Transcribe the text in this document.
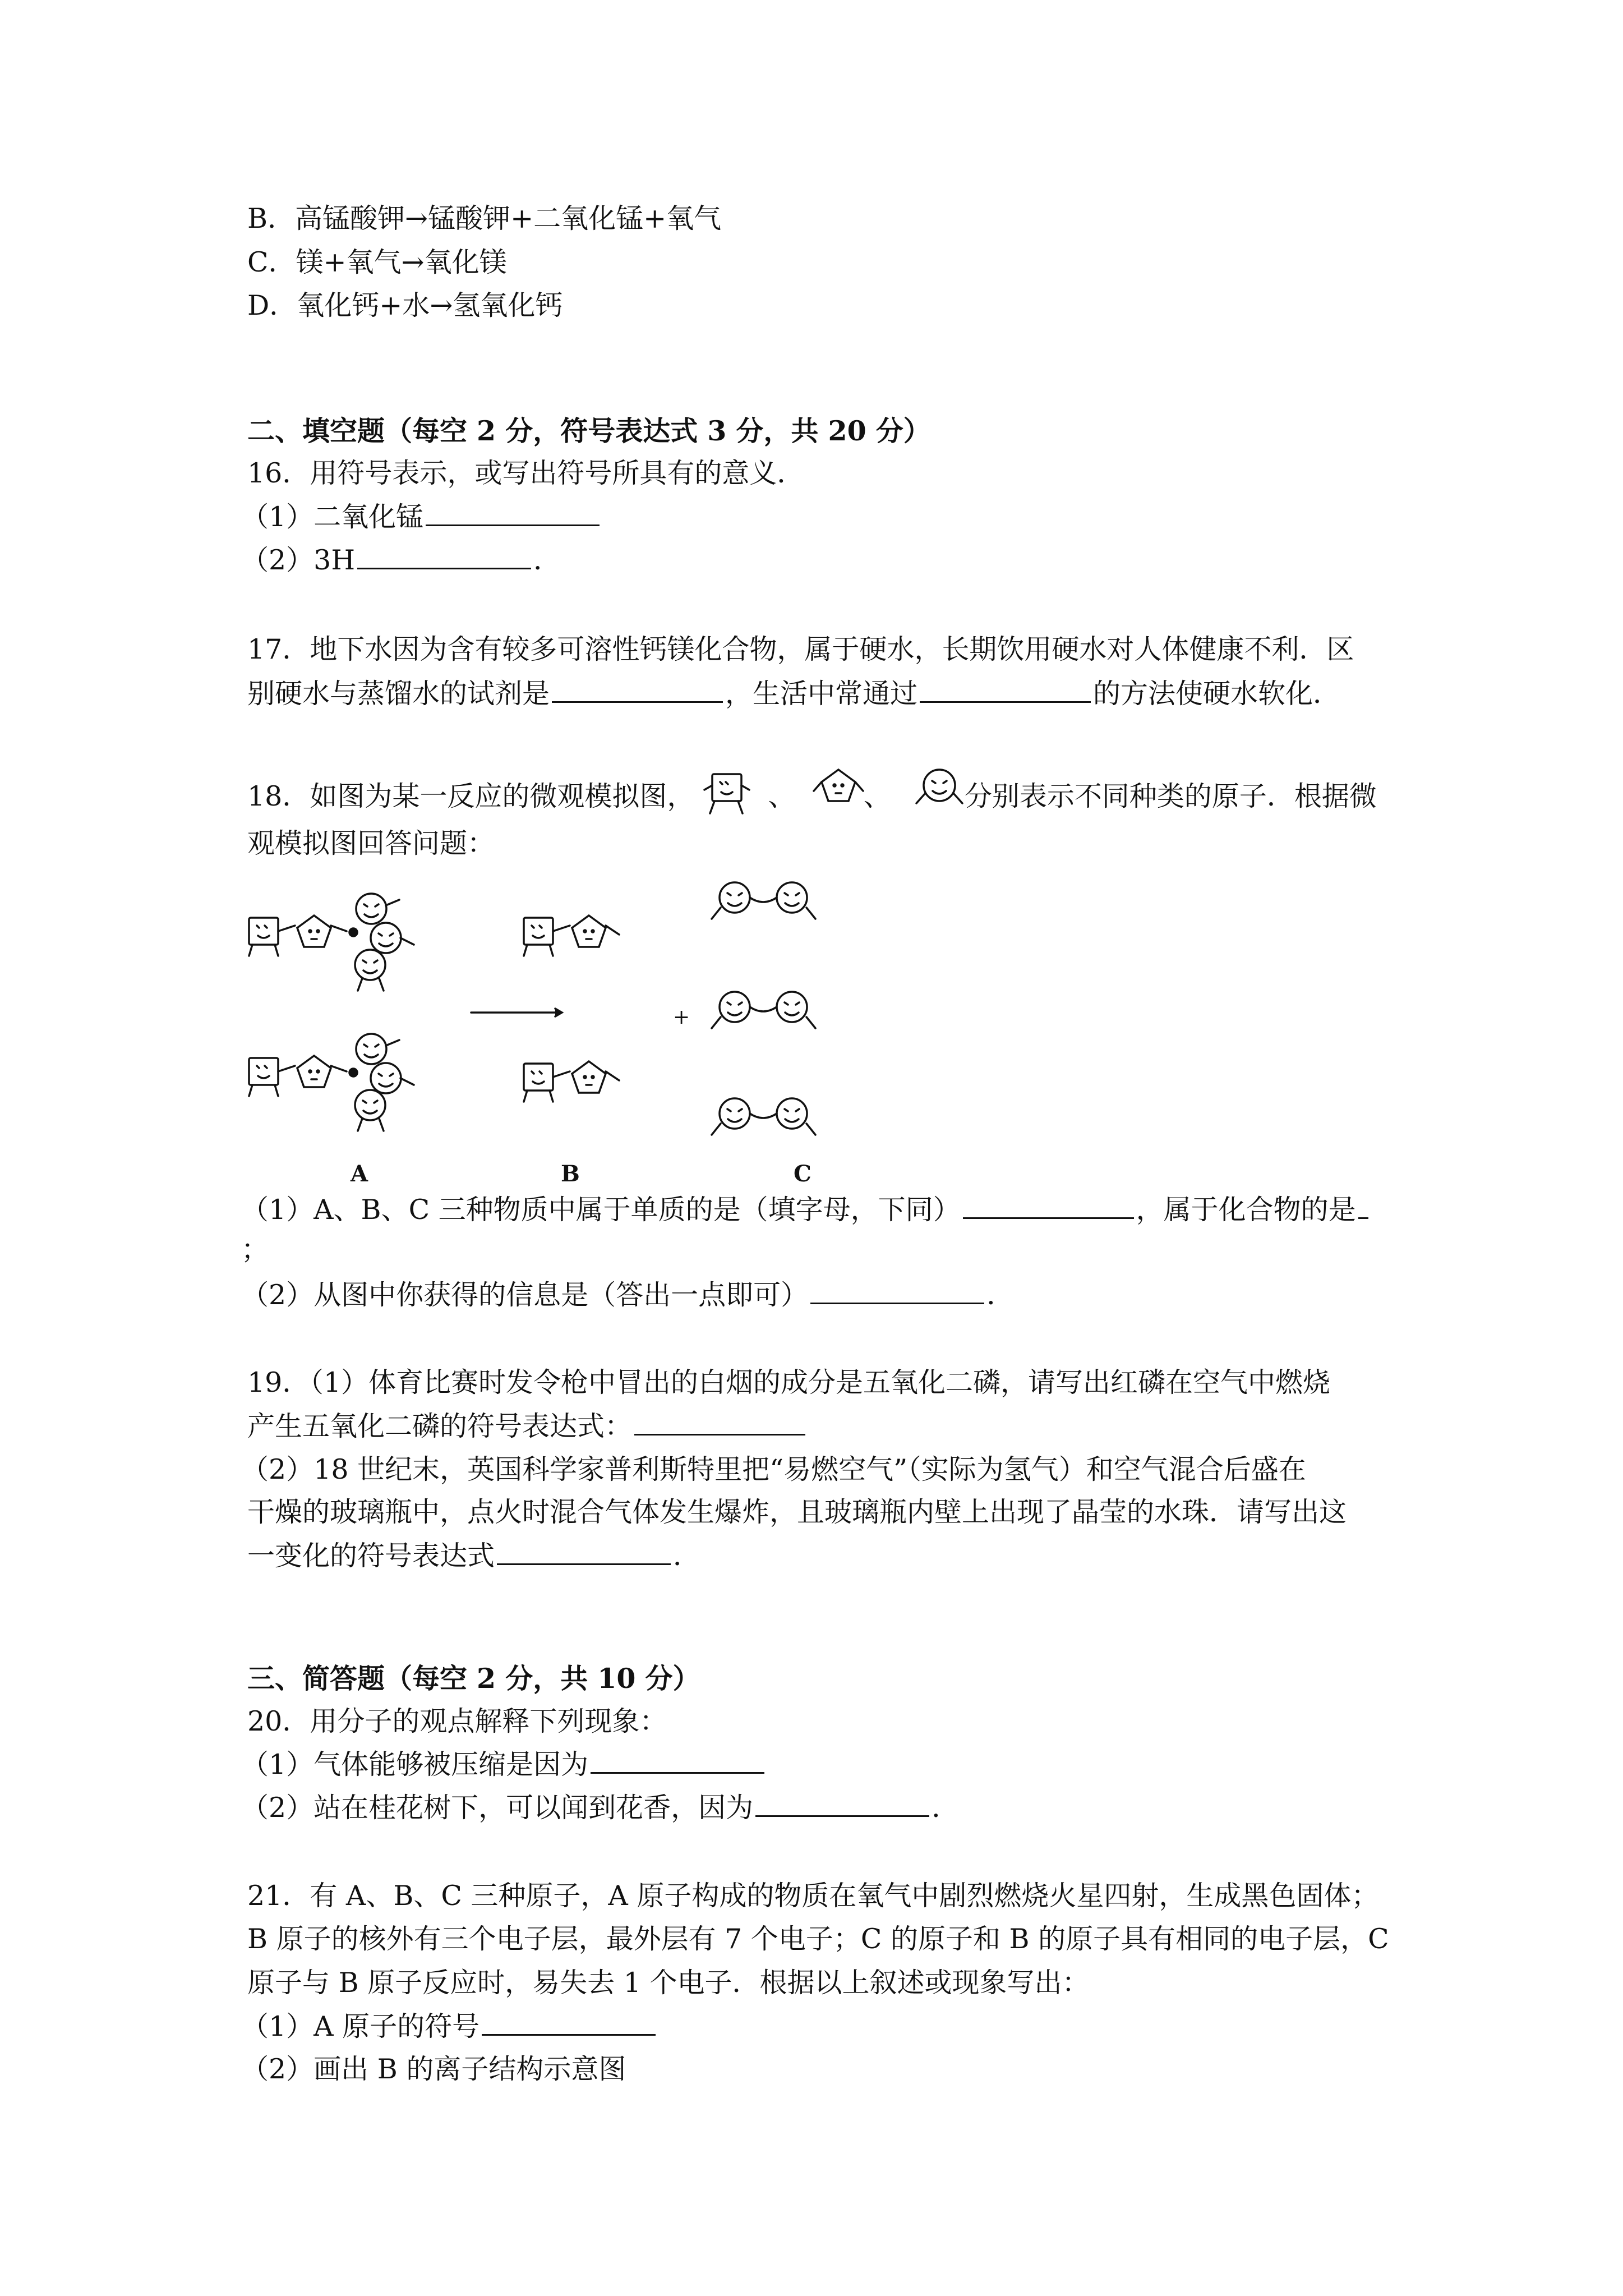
B．高锰酸钾→锰酸钾+二氧化锰+氧气
C．镁+氧气→氧化镁
D．氧化钙+水→氢氧化钙
二、填空题（每空 2 分，符号表达式 3 分，共 20 分）
16．用符号表示，或写出符号所具有的意义．
（1）二氧化锰
（2）3H	．
17．地下水因为含有较多可溶性钙镁化合物，属于硬水，长期饮用硬水对人体健康不利．区
别硬水与蒸馏水的试剂是	，生活中常通过	的方法使硬水软化．
18．如图为某一反应的微观模拟图，	、 、	分别表示不同种类的原子．根据微
观模拟图回答问题：
+
A	B	C
（1）A、B、C 三种物质中属于单质的是（填字母，下同）	，属于化合物的是
；
（2）从图中你获得的信息是（答出一点即可）	．
19．（1）体育比赛时发令枪中冒出的白烟的成分是五氧化二磷，请写出红磷在空气中燃烧
产生五氧化二磷的符号表达式：
（2）18 世纪末，英国科学家普利斯特里把“易燃空气”（实际为氢气）和空气混合后盛在
干燥的玻璃瓶中，点火时混合气体发生爆炸，且玻璃瓶内壁上出现了晶莹的水珠．请写出这
一变化的符号表达式	．
三、简答题（每空 2 分，共 10 分）
20．用分子的观点解释下列现象：
（1）气体能够被压缩是因为
（2）站在桂花树下，可以闻到花香，因为	．
21．有 A、B、C 三种原子，A 原子构成的物质在氧气中剧烈燃烧火星四射，生成黑色固体；
B 原子的核外有三个电子层，最外层有 7 个电子；C 的原子和 B 的原子具有相同的电子层，C
原子与 B 原子反应时，易失去 1 个电子．根据以上叙述或现象写出：
（1）A 原子的符号
（2）画出 B 的离子结构示意图
